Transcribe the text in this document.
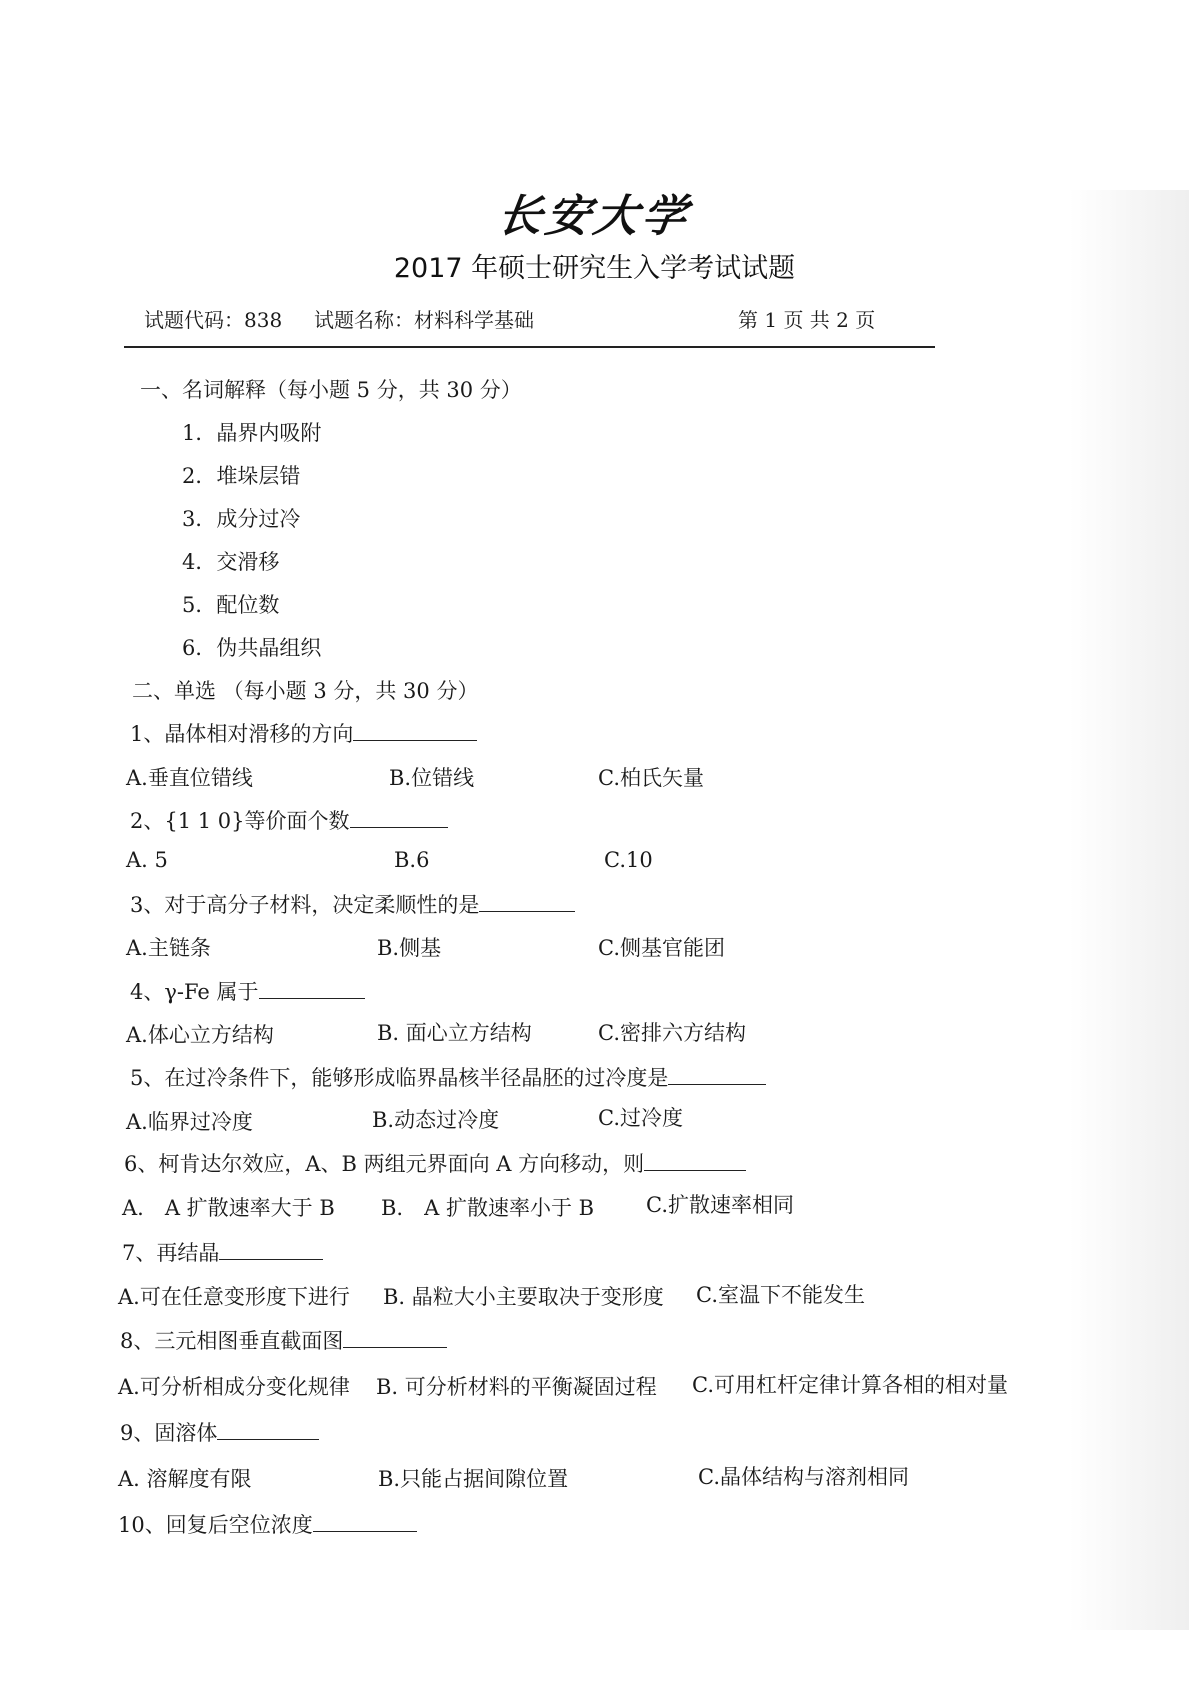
长安大学
2017 年硕士研究生入学考试试题
试题代码：838 试题名称：材料科学基础	第 1 页 共 2 页
一、名词解释（每小题 5 分，共 30 分）
1．晶界内吸附
2．堆垛层错
3．成分过冷
4．交滑移
5．配位数
6．伪共晶组织
二、单选 （每小题 3 分，共 30 分）
1、晶体相对滑移的方向
A.垂直位错线	B.位错线	C.柏氏矢量
2、{1 1 0}等价面个数
A. 5	B.6	C.10
3、对于高分子材料，决定柔顺性的是
A.主链条	B.侧基	C.侧基官能团
4、γ-Fe 属于
A.体心立方结构	B. 面心立方结构	C.密排六方结构
5、在过冷条件下，能够形成临界晶核半径晶胚的过冷度是
A.临界过冷度	B.动态过冷度	C.过冷度
6、柯肯达尔效应，A、B 两组元界面向 A 方向移动，则
A.　A 扩散速率大于 B B.　A 扩散速率小于 B C.扩散速率相同
7、再结晶
A.可在任意变形度下进行 B. 晶粒大小主要取决于变形度 C.室温下不能发生
8、三元相图垂直截面图
A.可分析相成分变化规律 B. 可分析材料的平衡凝固过程 C.可用杠杆定律计算各相的相对量
9、固溶体
A. 溶解度有限	B.只能占据间隙位置	C.晶体结构与溶剂相同
10、回复后空位浓度
